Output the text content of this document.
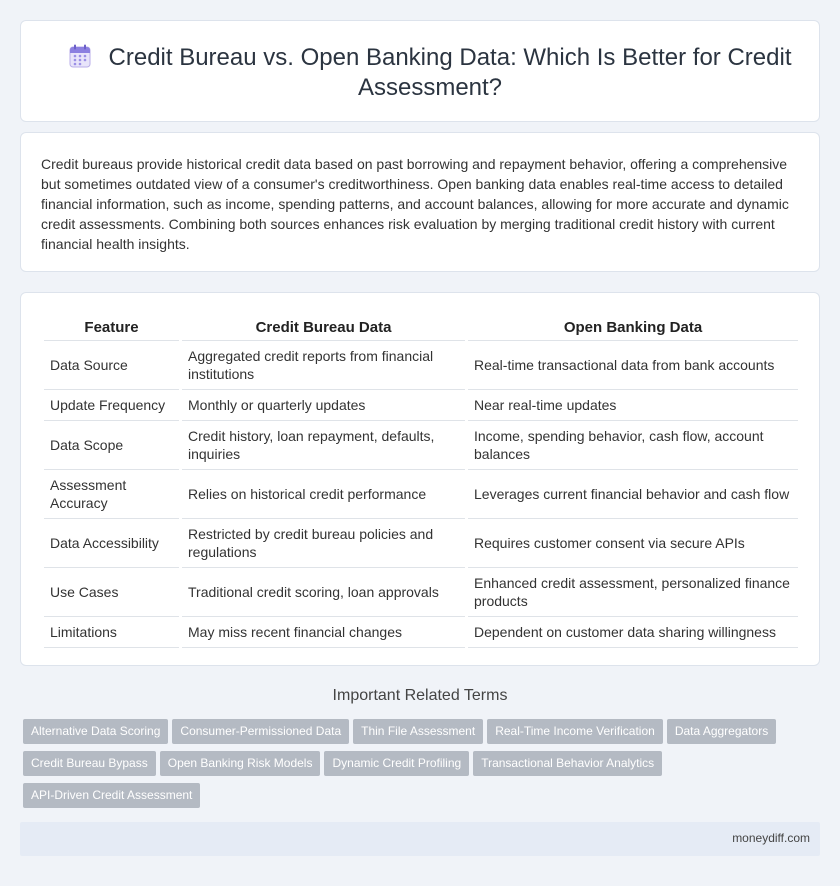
Credit Bureau vs. Open Banking Data: Which Is Better for Credit Assessment?

Credit bureaus provide historical credit data based on past borrowing and repayment behavior, offering a comprehensive but sometimes outdated view of a consumer's creditworthiness. Open banking data enables real-time access to detailed financial information, such as income, spending patterns, and account balances, allowing for more accurate and dynamic credit assessments. Combining both sources enhances risk evaluation by merging traditional credit history with current financial health insights.

Feature	Credit Bureau Data	Open Banking Data
Data Source	Aggregated credit reports from financial institutions	Real-time transactional data from bank accounts
Update Frequency	Monthly or quarterly updates	Near real-time updates
Data Scope	Credit history, loan repayment, defaults, inquiries	Income, spending behavior, cash flow, account balances
Assessment Accuracy	Relies on historical credit performance	Leverages current financial behavior and cash flow
Data Accessibility	Restricted by credit bureau policies and regulations	Requires customer consent via secure APIs
Use Cases	Traditional credit scoring, loan approvals	Enhanced credit assessment, personalized finance products
Limitations	May miss recent financial changes	Dependent on customer data sharing willingness
Important Related Terms
Alternative Data Scoring Consumer-Permissioned Data Thin File Assessment Real-Time Income Verification Data AggregatorsCredit Bureau Bypass Open Banking Risk Models Dynamic Credit Profiling Transactional Behavior AnalyticsAPI-Driven Credit Assessment
moneydiff.com
